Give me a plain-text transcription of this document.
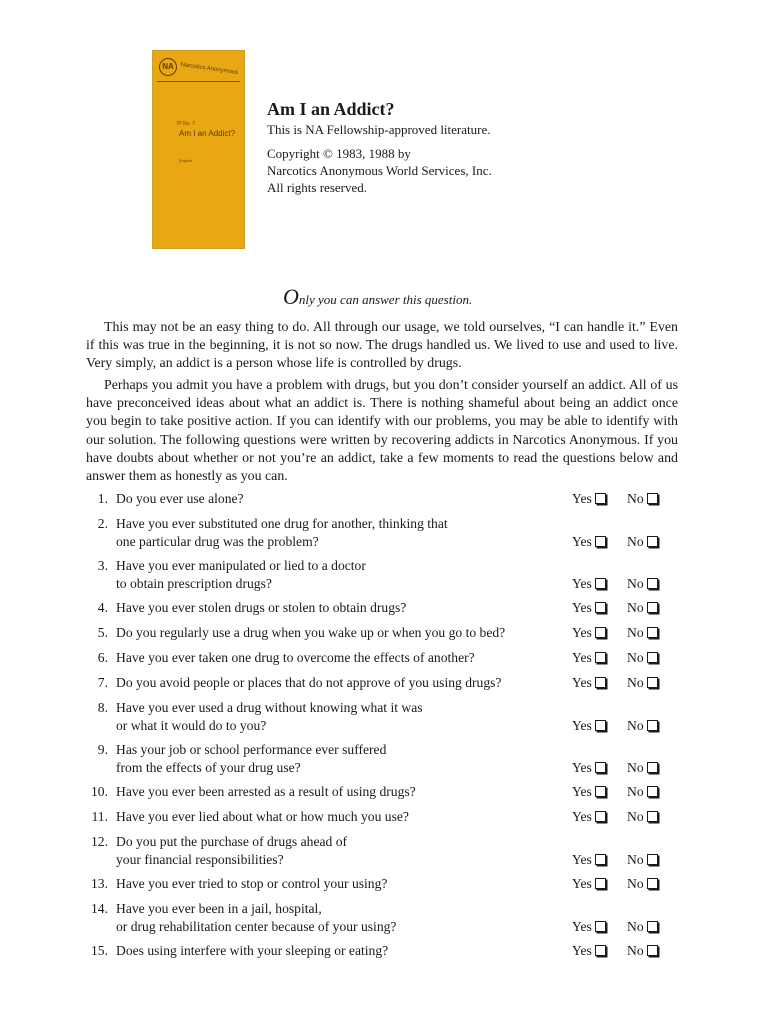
NA	Narcotics Anonymous
IP No. 7
Am I an Addict?
English
Am I an Addict?
This is NA Fellowship-approved literature.
Copyright © 1983, 1988 by
Narcotics Anonymous World Services, Inc.
All rights reserved.
Only you can answer this question.

This may not be an easy thing to do. All through our usage, we told ourselves, “I can handle it.” Even if this was true in the beginning, it is not so now. The drugs handled us. We lived to use and used to live. Very simply, an addict is a person whose life is controlled by drugs.

Perhaps you admit you have a problem with drugs, but you don’t consider yourself an addict. All of us have preconceived ideas about what an addict is. There is nothing shameful about being an addict once you begin to take positive action. If you can identify with our problems, you may be able to identify with our solution. The following questions were written by recovering addicts in Narcotics Anonymous. If you have doubts about whether or not you’re an addict, take a few moments to read the questions below and answer them as honestly as you can.

1. Do you ever use alone?	Yes	No
2. Have you ever substituted one drug for another, thinking that
one particular drug was the problem?	Yes	No
3. Have you ever manipulated or lied to a doctor
to obtain prescription drugs?	Yes	No
4. Have you ever stolen drugs or stolen to obtain drugs?	Yes	No
5. Do you regularly use a drug when you wake up or when you go to bed?	Yes	No
6. Have you ever taken one drug to overcome the effects of another?	Yes	No
7. Do you avoid people or places that do not approve of you using drugs?	Yes	No
8. Have you ever used a drug without knowing what it was
or what it would do to you?	Yes	No
9. Has your job or school performance ever suffered
from the effects of your drug use?	Yes	No
10. Have you ever been arrested as a result of using drugs?	Yes	No
11. Have you ever lied about what or how much you use?	Yes	No
12. Do you put the purchase of drugs ahead of
your financial responsibilities?	Yes	No
13. Have you ever tried to stop or control your using?	Yes	No
14. Have you ever been in a jail, hospital,
or drug rehabilitation center because of your using?	Yes	No
15. Does using interfere with your sleeping or eating?	Yes	No
